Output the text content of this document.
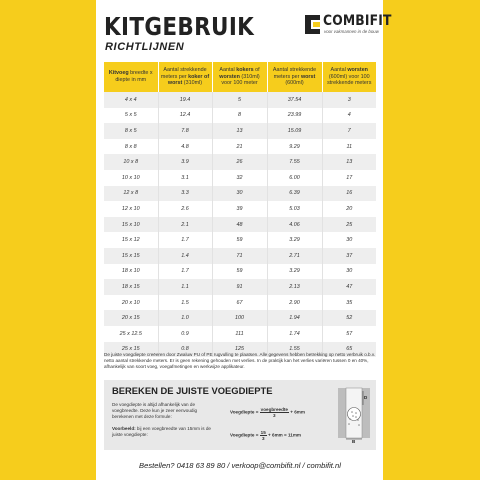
KITGEBRUIK
RICHTLIJNEN
COMBIFIT
voor vakmannen in de bouw
Kitvoeg breedte x diepte in mm	Aantal strekkende meters per koker of worst (310ml)	Aantal kokers of worsten (310ml) voor 100 meter	Aantal strekkende meters per worst (600ml)	Aantal worsten (600ml) voor 100 strekkende meters
4 x 4	19.4	5	37.54	3
5 x 5	12.4	8	23.99	4
8 x 5	7.8	13	15.09	7
8 x 8	4.8	21	9.29	11
10 x 8	3.9	26	7.55	13
10 x 10	3.1	32	6.00	17
12 x 8	3.3	30	6.39	16
12 x 10	2.6	39	5.03	20
15 x 10	2.1	48	4.06	25
15 x 12	1.7	59	3.29	30
15 x 15	1.4	71	2.71	37
18 x 10	1.7	59	3.29	30
18 x 15	1.1	91	2.13	47
20 x 10	1.5	67	2.90	35
20 x 15	1.0	100	1.94	52
25 x 12.5	0.9	111	1.74	57
25 x 15	0.8	125	1.55	65
De juiste voegdiepte creëeren door Zwaluw PU of PE rugvulling te plaatsen. Alle gegevens hebben betrekking op netto verbruik o.b.v. netto aantal strekkende meters. Er is geen rekening gehouden met verlies. In de praktijk kan het verlies variëren tussen 0 en 40%, afhankelijk van soort voeg, voegafmetingen en werkwijze applikateur.
BEREKEN DE JUISTE VOEGDIEPTE
De voegdiepte is altijd afhankelijk van de voegbreedte. Deze kun je zeer eenvoudig berekenen met deze formule:

Voorbeeld: bij een voegbreedte van 15mm is de juiste voegdiepte:
Voegdiepte = $\frac{\text{voegbreedte}}{3} + 6mm$
Voegdiepte = $\frac{15}{3} + 6mm = 11mm$
D
B
Bestellen? 0418 63 89 80 / verkoop@combifit.nl / combifit.nl
